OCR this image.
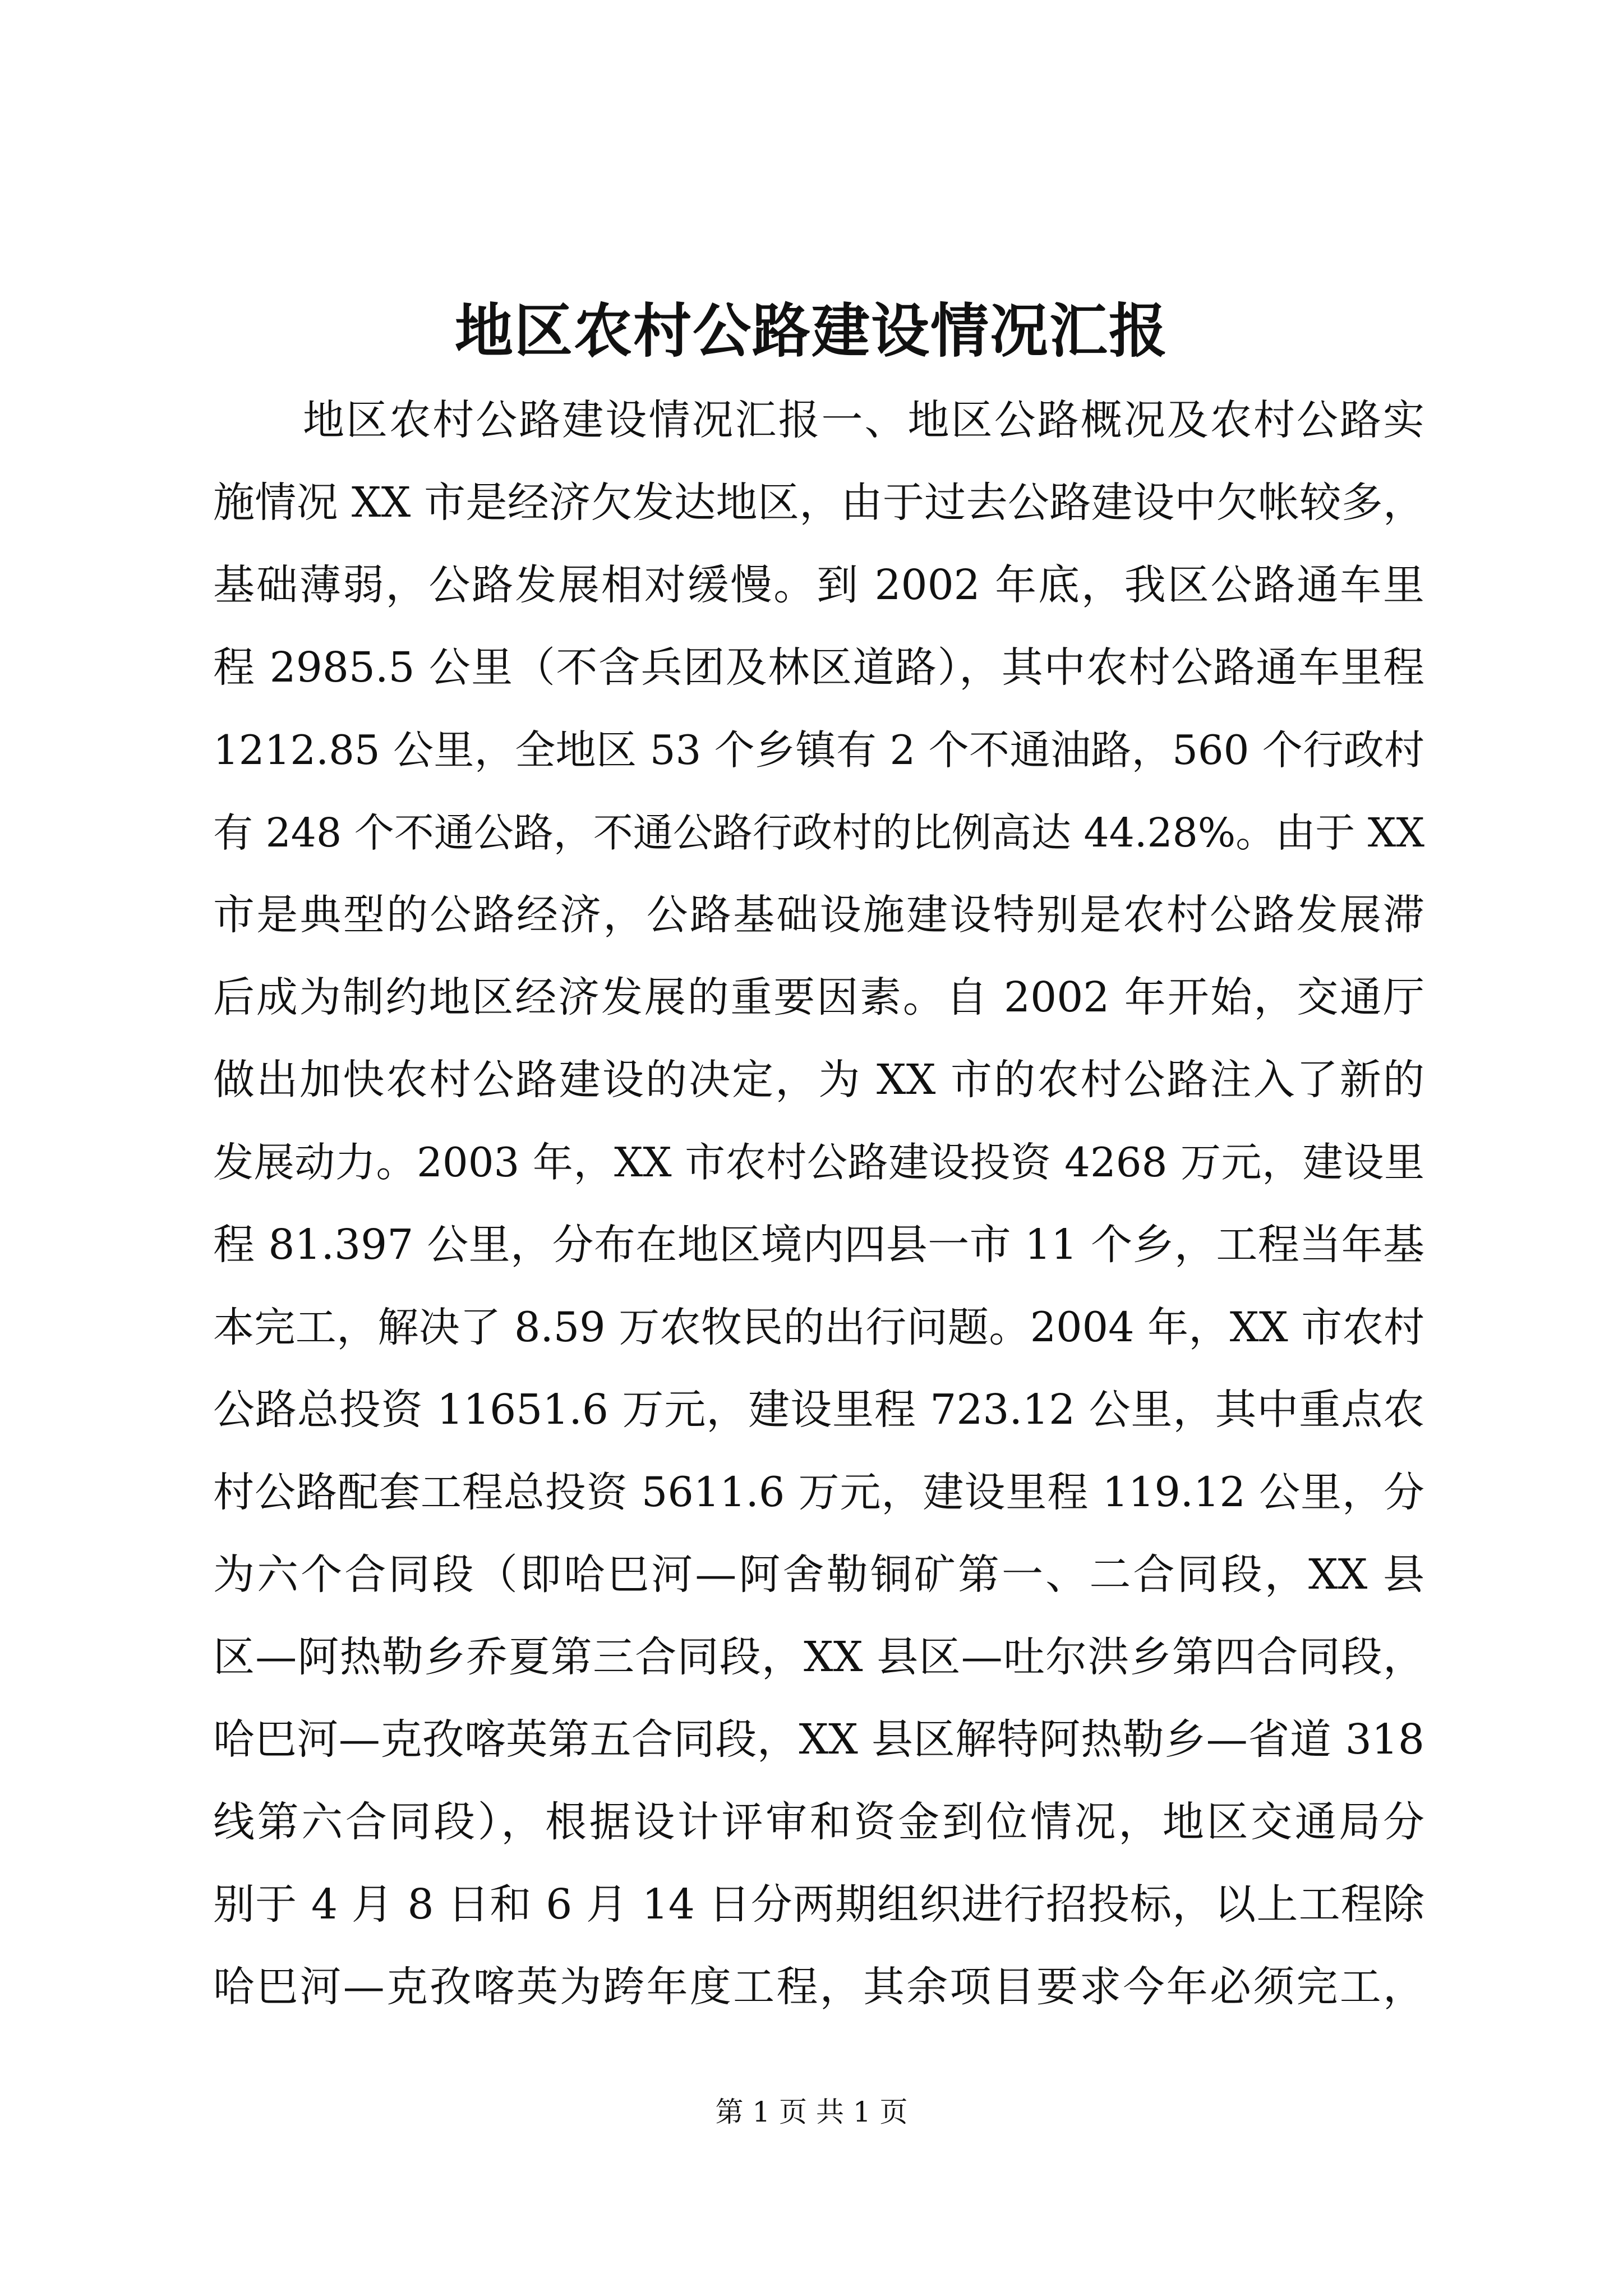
地区农村公路建设情况汇报
地区农村公路建设情况汇报一、地区公路概况及农村公路实
施情况 XX 市是经济欠发达地区，由于过去公路建设中欠帐较多，
基础薄弱，公路发展相对缓慢。到 2002 年底，我区公路通车里
程 2985.5 公里（不含兵团及林区道路），其中农村公路通车里程
1212.85 公里，全地区 53 个乡镇有 2 个不通油路，560 个行政村
有 248 个不通公路，不通公路行政村的比例高达 44.28%。由于 XX
市是典型的公路经济，公路基础设施建设特别是农村公路发展滞
后成为制约地区经济发展的重要因素。自 2002 年开始，交通厅
做出加快农村公路建设的决定，为 XX 市的农村公路注入了新的
发展动力。2003 年，XX 市农村公路建设投资 4268 万元，建设里
程 81.397 公里，分布在地区境内四县一市 11 个乡，工程当年基
本完工，解决了 8.59 万农牧民的出行问题。2004 年，XX 市农村
公路总投资 11651.6 万元，建设里程 723.12 公里，其中重点农
村公路配套工程总投资 5611.6 万元，建设里程 119.12 公里，分
为六个合同段（即哈巴河—阿舍勒铜矿第一、二合同段，XX 县
区—阿热勒乡乔夏第三合同段，XX 县区—吐尔洪乡第四合同段，
哈巴河—克孜喀英第五合同段，XX 县区解特阿热勒乡—省道 318
线第六合同段），根据设计评审和资金到位情况，地区交通局分
别于 4 月 8 日和 6 月 14 日分两期组织进行招投标，以上工程除
哈巴河—克孜喀英为跨年度工程，其余项目要求今年必须完工，
第 1 页 共 1 页
